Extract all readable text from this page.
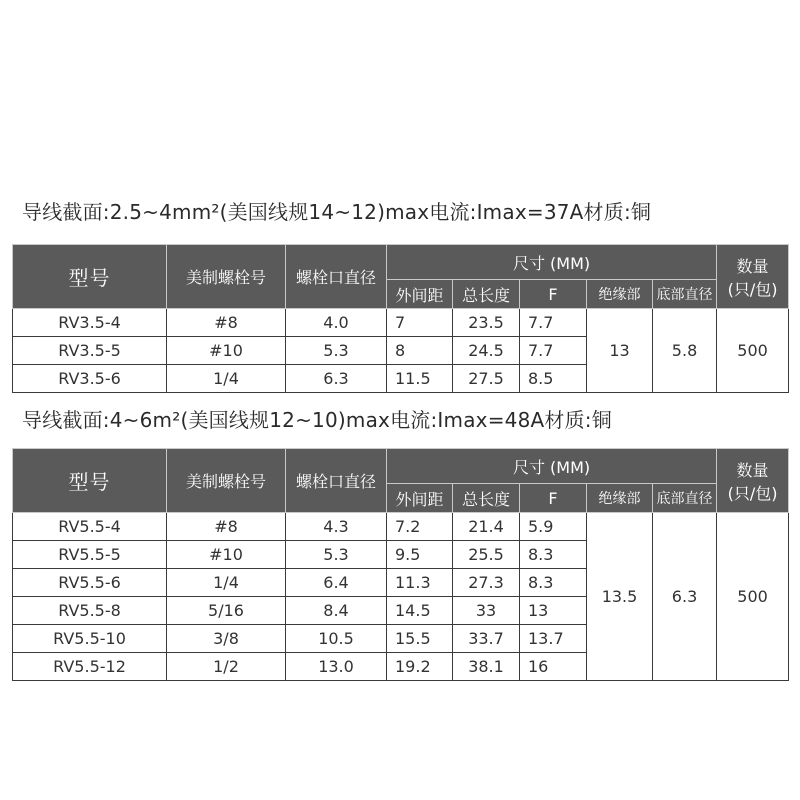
导线截面:2.5~4mm²(美国线规14~12)max电流:Imax=37A材质:铜
型号	美制螺栓号	螺栓口直径	尺寸 (MM)					数量
(只/包)

			外间距	总长度	F	绝缘部	底部直径	
RV3.5-4	#8	4.0	7	23.5	7.7	13	5.8	500
RV3.5-5	#10	5.3	8	24.5	7.7			
RV3.5-6	1/4	6.3	11.5	27.5	8.5			
导线截面:4~6m²(美国线规12~10)max电流:Imax=48A材质:铜
型号	美制螺栓号	螺栓口直径	尺寸 (MM)					数量
(只/包)

			外间距	总长度	F	绝缘部	底部直径	
RV5.5-4	#8	4.3	7.2	21.4	5.9	13.5	6.3	500
RV5.5-5	#10	5.3	9.5	25.5	8.3			
RV5.5-6	1/4	6.4	11.3	27.3	8.3			
RV5.5-8	5/16	8.4	14.5	33	13			
RV5.5-10	3/8	10.5	15.5	33.7	13.7			
RV5.5-12	1/2	13.0	19.2	38.1	16			
